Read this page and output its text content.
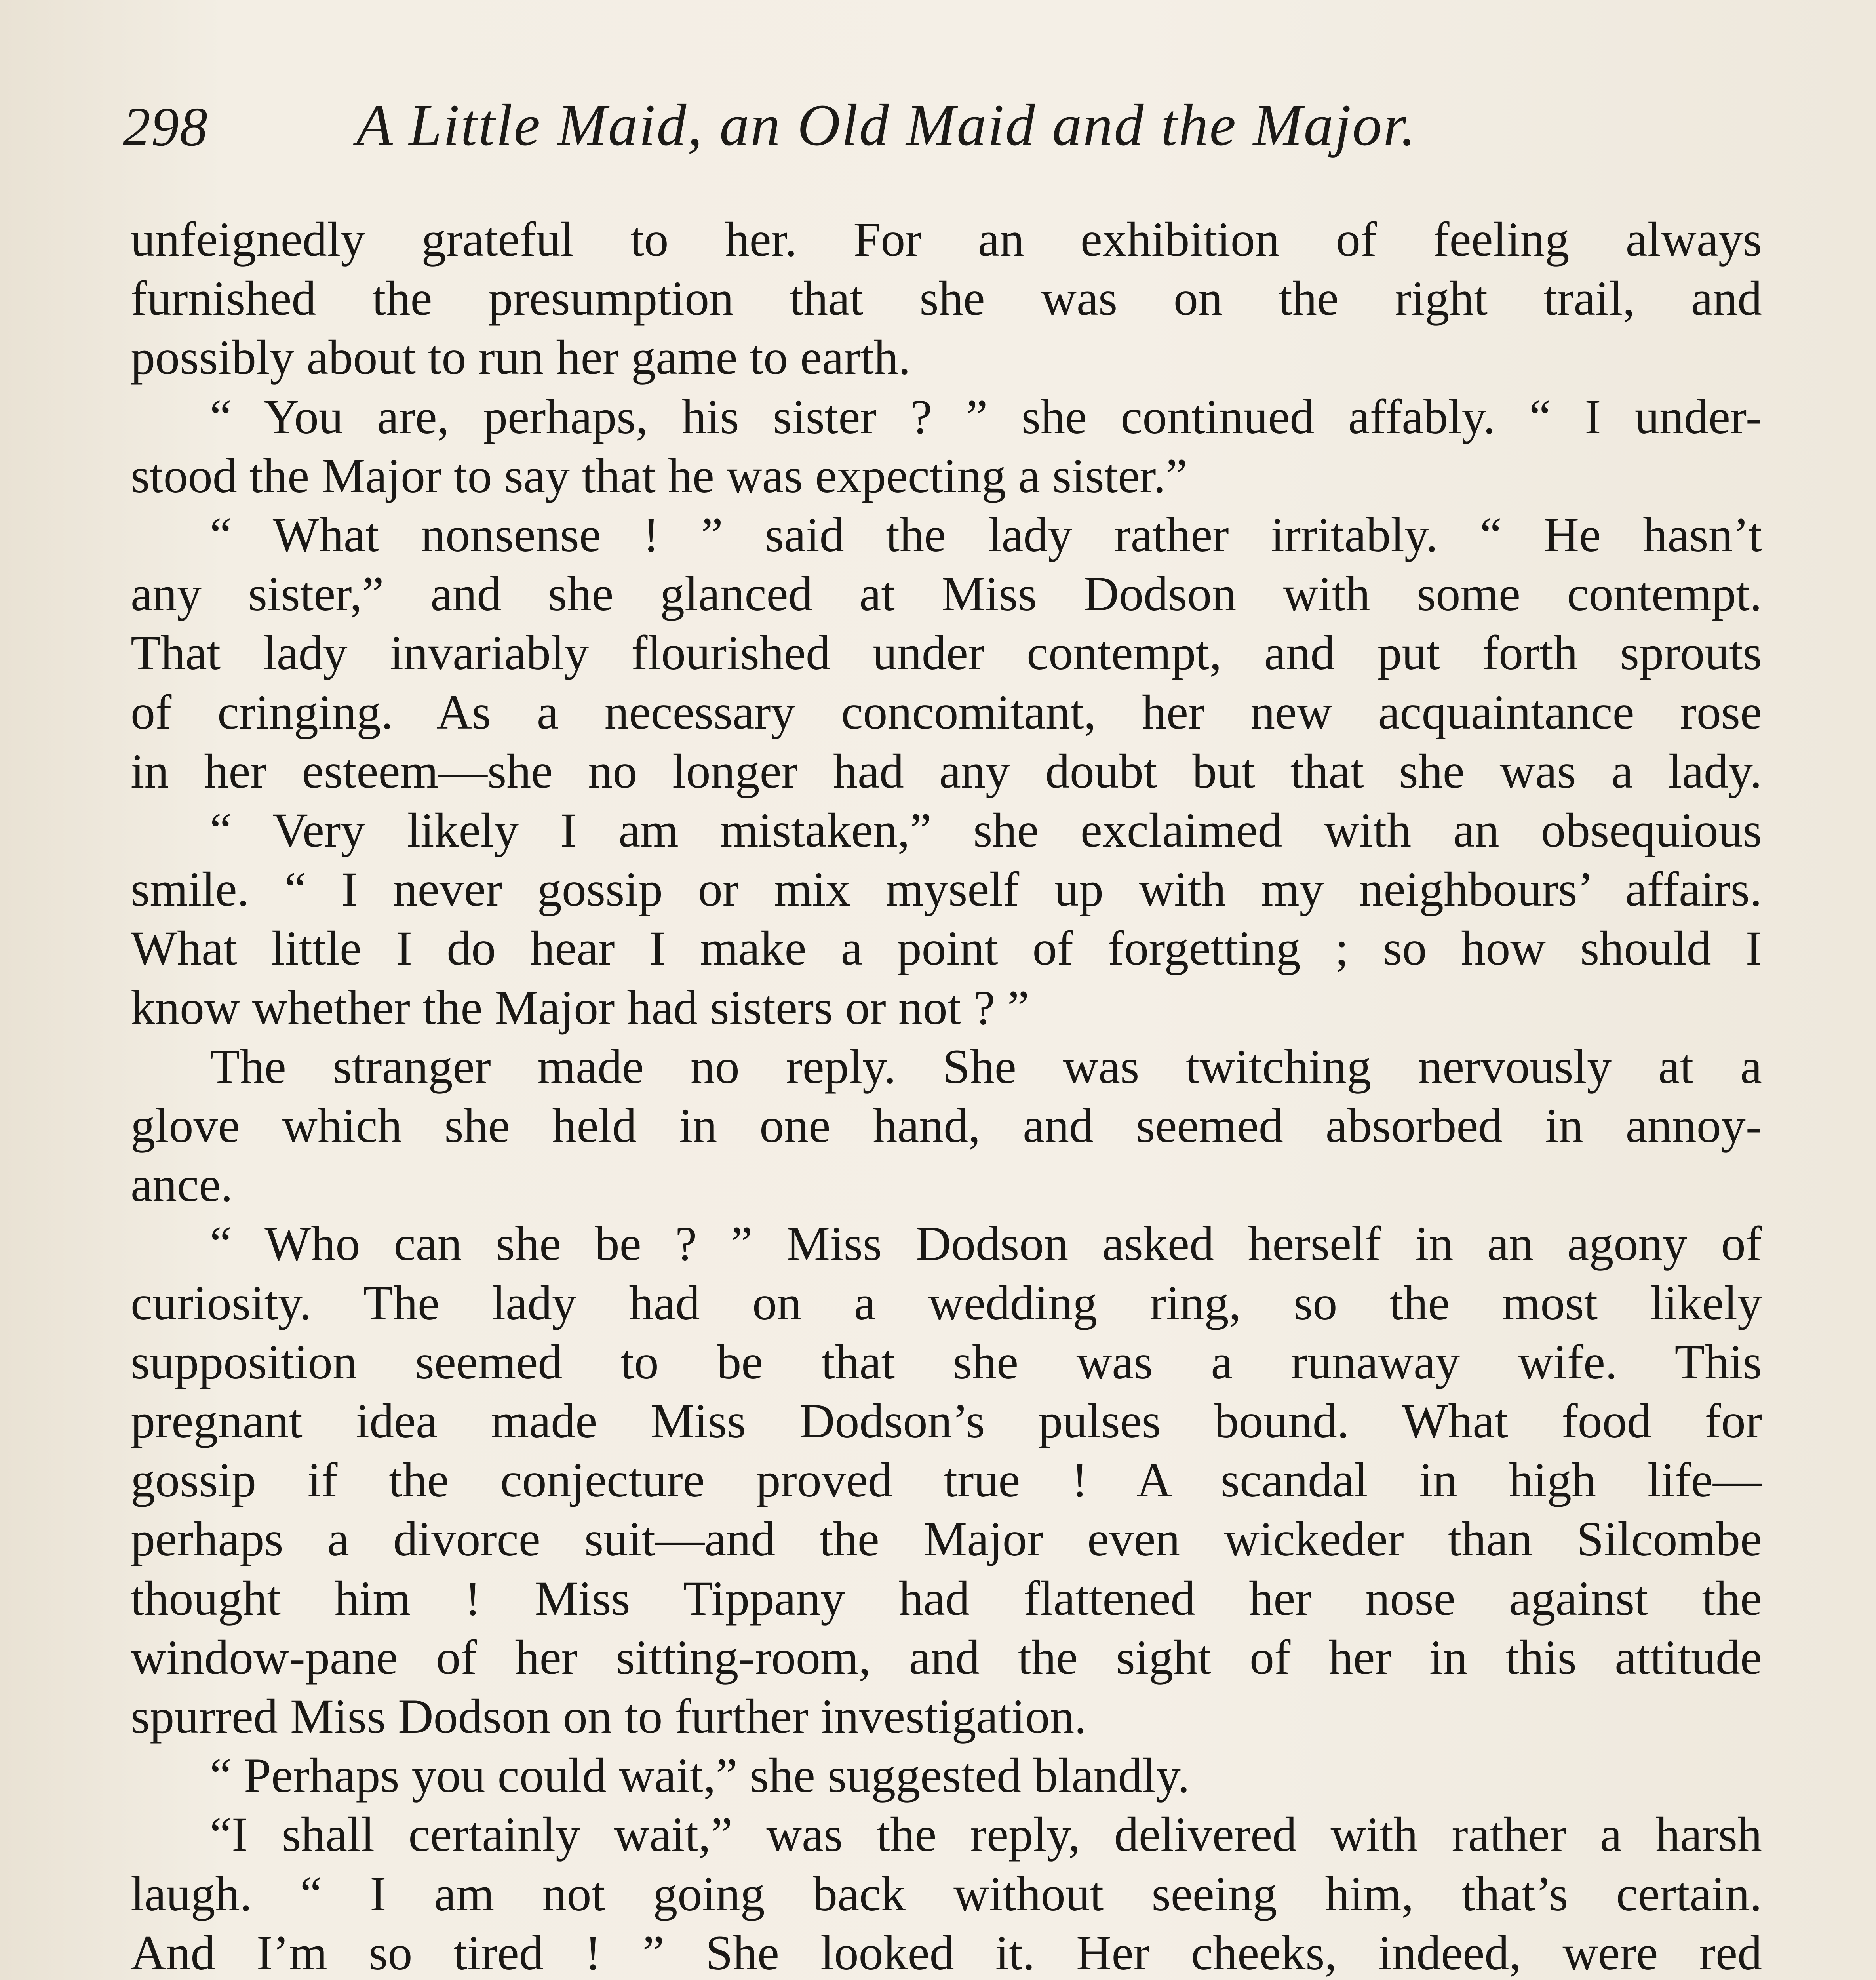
298 A Little Maid, an Old Maid and the Major.
unfeignedly grateful to her. For an exhibition of feeling always
furnished the presumption that she was on the right trail, and
possibly about to run her game to earth.
“ You are, perhaps, his sister ? ” she continued affably. “ I under-
stood the Major to say that he was expecting a sister.”
“ What nonsense ! ” said the lady rather irritably. “ He hasn’t
any sister,” and she glanced at Miss Dodson with some contempt.
That lady invariably flourished under contempt, and put forth sprouts
of cringing. As a necessary concomitant, her new acquaintance rose
in her esteem—she no longer had any doubt but that she was a lady.
“ Very likely I am mistaken,” she exclaimed with an obsequious
smile. “ I never gossip or mix myself up with my neighbours’ affairs.
What little I do hear I make a point of forgetting ; so how should I
know whether the Major had sisters or not ? ”
The stranger made no reply. She was twitching nervously at a
glove which she held in one hand, and seemed absorbed in annoy-
ance.
“ Who can she be ? ” Miss Dodson asked herself in an agony of
curiosity. The lady had on a wedding ring, so the most likely
supposition seemed to be that she was a runaway wife. This
pregnant idea made Miss Dodson’s pulses bound. What food for
gossip if the conjecture proved true ! A scandal in high life—
perhaps a divorce suit—and the Major even wickeder than Silcombe
thought him ! Miss Tippany had flattened her nose against the
window-pane of her sitting-room, and the sight of her in this attitude
spurred Miss Dodson on to further investigation.
“ Perhaps you could wait,” she suggested blandly.
“I shall certainly wait,” was the reply, delivered with rather a harsh
laugh. “ I am not going back without seeing him, that’s certain.
And I’m so tired ! ” She looked it. Her cheeks, indeed, were red
